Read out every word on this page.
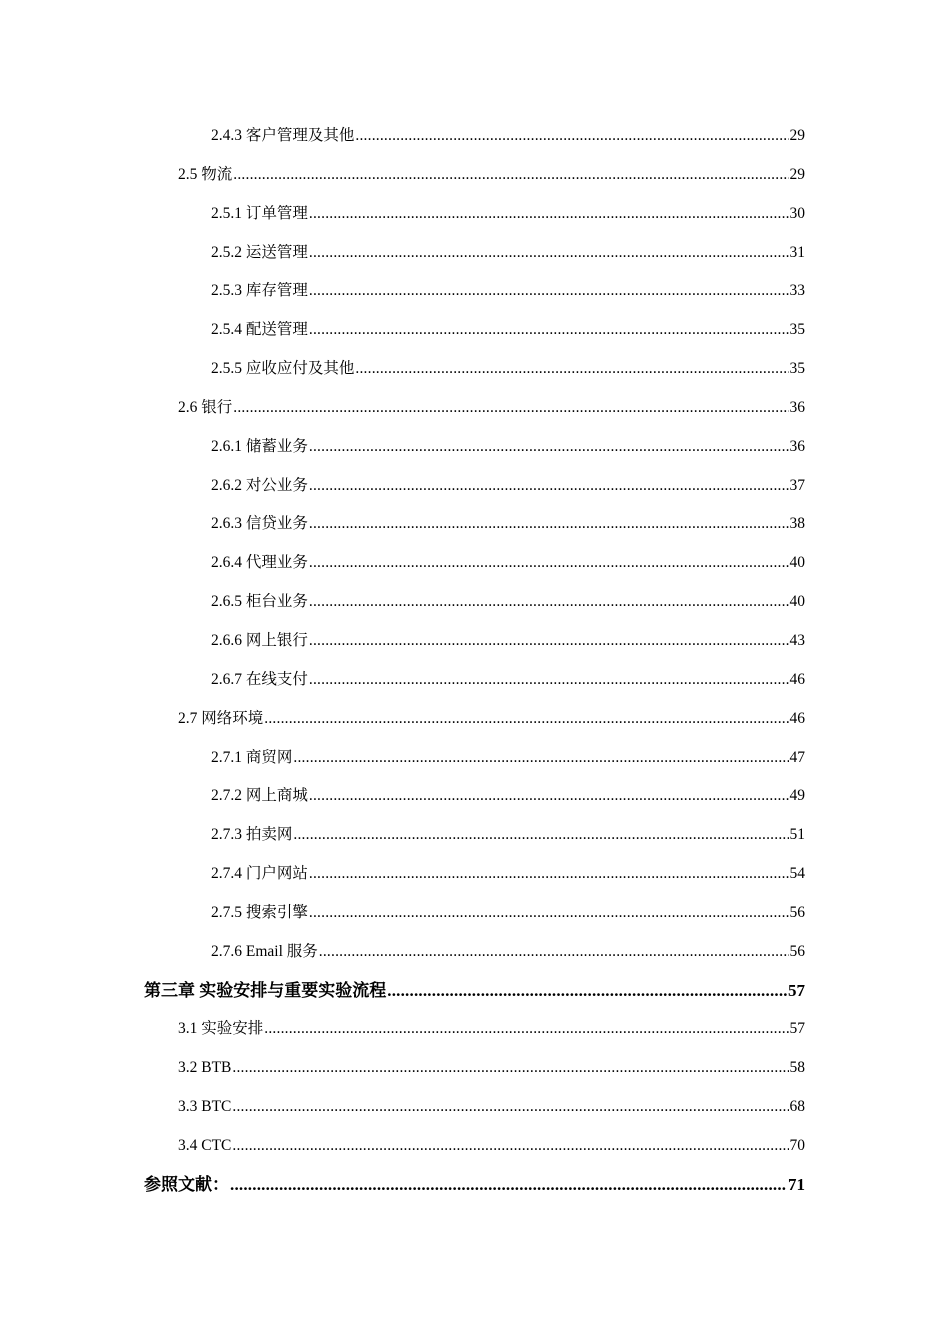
2.4.3 客户管理及其他 .....	29
2.5 物流 .....	29
2.5.1 订单管理 .....	30
2.5.2 运送管理 .....	31
2.5.3 库存管理 .....	33
2.5.4 配送管理 .....	35
2.5.5 应收应付及其他 .....	35
2.6 银行 .....	36
2.6.1 储蓄业务 .....	36
2.6.2 对公业务 .....	37
2.6.3 信贷业务 .....	38
2.6.4 代理业务 .....	40
2.6.5 柜台业务 .....	40
2.6.6 网上银行 .....	43
2.6.7 在线支付 .....	46
2.7 网络环境 .....	46
2.7.1 商贸网 .....	47
2.7.2 网上商城 .....	49
2.7.3 拍卖网 .....	51
2.7.4 门户网站 .....	54
2.7.5 搜索引擎 .....	56
2.7.6 Email 服务 .....	56
第三章 实验安排与重要实验流程 .....	57
3.1 实验安排 .....	57
3.2 BTB .....	58
3.3 BTC .....	68
3.4 CTC .....	70
参照文献： .....	71
